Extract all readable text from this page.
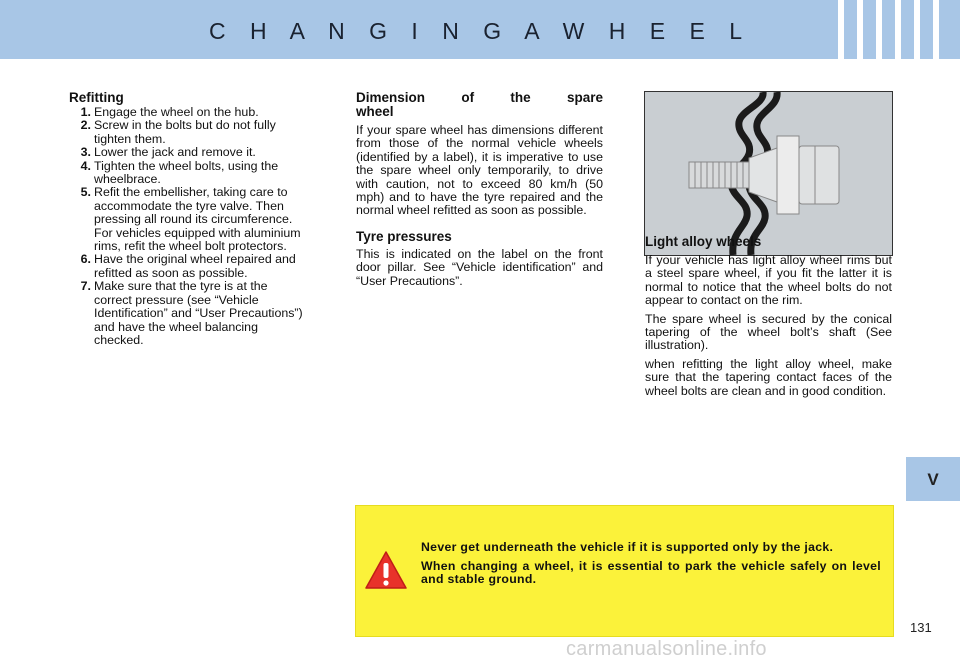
C H A N G I N G A W H E E L
V
Refitting
1. Engage the wheel on the hub.
2. Screw in the bolts but do not fully tighten them.
3. Lower the jack and remove it.
4. Tighten the wheel bolts, using the wheelbrace.
5. Refit the embellisher, taking care to accommodate the tyre valve. Then pressing all round its circumference. For vehicles equipped with aluminium rims, refit the wheel bolt protectors.
6. Have the original wheel repaired and refitted as soon as possible.
7. Make sure that the tyre is at the correct pressure (see “Vehicle Identification” and “User Precautions”) and have the wheel balancing checked.
Dimension	of	the	spare
wheel

If your spare wheel has dimensions different from those of the normal vehicle wheels (identified by a label), it is imperative to use the spare wheel only temporarily, to drive with caution, not to exceed 80 km/h (50 mph) and to have the tyre repaired and the normal wheel refitted as soon as possible.

Tyre pressures

This is indicated on the label on the front door pillar. See “Vehicle identification” and “User Precautions”.

Light alloy wheels

If your vehicle has light alloy wheel rims but a steel spare wheel, if you fit the latter it is normal to notice that the wheel bolts do not appear to contact on the rim.

The spare wheel is secured by the conical tapering of the wheel bolt’s shaft (See illustration).

when refitting the light alloy wheel, make sure that the tapering contact faces of the wheel bolts are clean and in good condition.

Never get underneath the vehicle if it is supported only by the jack.

When changing a wheel, it is essential to park the vehicle safely on level and stable ground.

131
carmanualsonline.info
